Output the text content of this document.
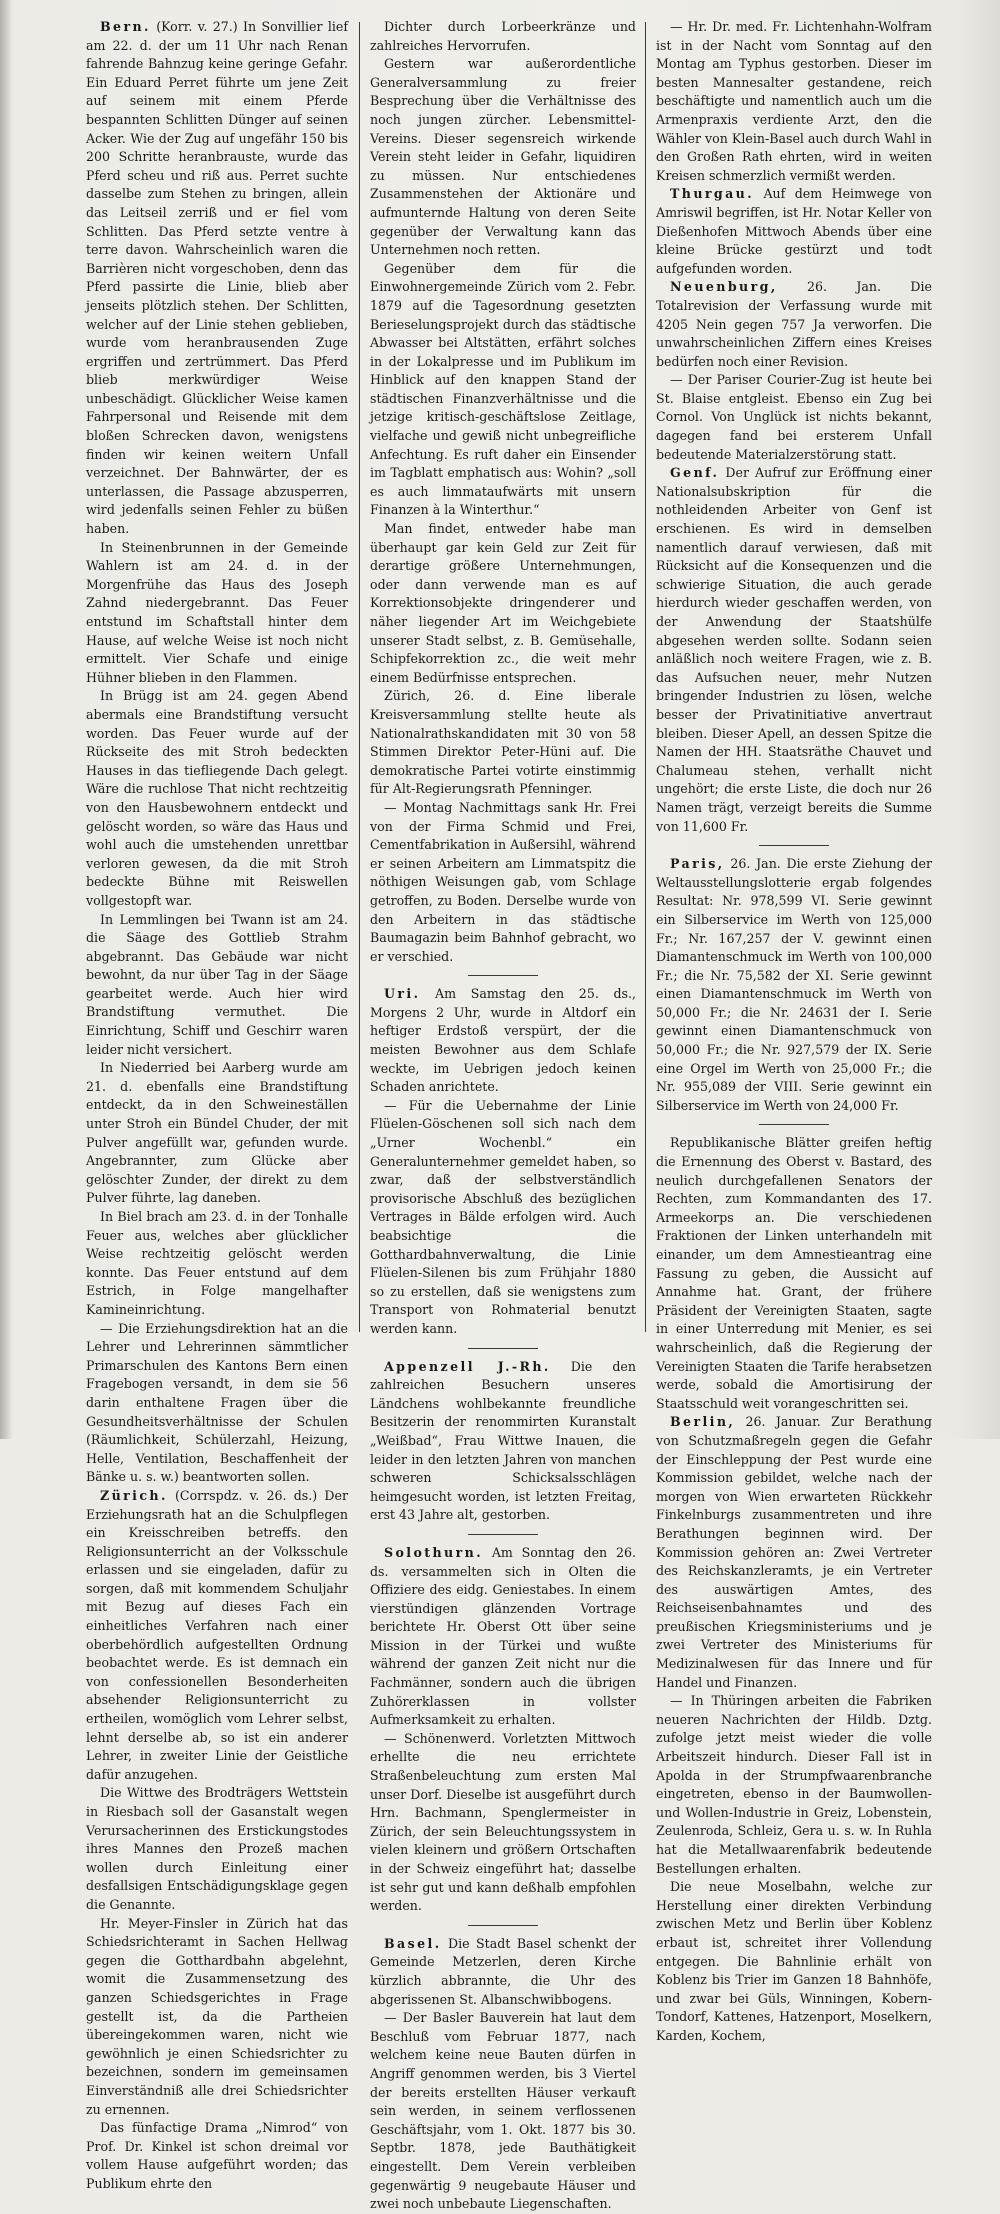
Bern. (Korr. v. 27.) In Sonvillier lief am 22. d. der um 11 Uhr nach Renan fahrende Bahnzug keine geringe Gefahr. Ein Eduard Perret führte um jene Zeit auf seinem mit einem Pferde bespannten Schlitten Dünger auf seinen Acker. Wie der Zug auf ungefähr 150 bis 200 Schritte heranbrauste, wurde das Pferd scheu und riß aus. Perret suchte dasselbe zum Stehen zu bringen, allein das Leitseil zerriß und er fiel vom Schlitten. Das Pferd setzte ventre à terre davon. Wahrscheinlich waren die Barrièren nicht vorgeschoben, denn das Pferd passirte die Linie, blieb aber jenseits plötzlich stehen. Der Schlitten, welcher auf der Linie stehen geblieben, wurde vom heranbrausenden Zuge ergriffen und zertrümmert. Das Pferd blieb merkwürdiger Weise unbeschädigt. Glücklicher Weise kamen Fahrpersonal und Reisende mit dem bloßen Schrecken davon, wenigstens finden wir keinen weitern Unfall verzeichnet. Der Bahnwärter, der es unterlassen, die Passage abzusperren, wird jedenfalls seinen Fehler zu büßen haben.

In Steinenbrunnen in der Gemeinde Wahlern ist am 24. d. in der Morgenfrühe das Haus des Joseph Zahnd niedergebrannt. Das Feuer entstund im Schaftstall hinter dem Hause, auf welche Weise ist noch nicht ermittelt. Vier Schafe und einige Hühner blieben in den Flammen.

In Brügg ist am 24. gegen Abend abermals eine Brandstiftung versucht worden. Das Feuer wurde auf der Rückseite des mit Stroh bedeckten Hauses in das tiefliegende Dach gelegt. Wäre die ruchlose That nicht rechtzeitig von den Hausbewohnern entdeckt und gelöscht worden, so wäre das Haus und wohl auch die umstehenden unrettbar verloren gewesen, da die mit Stroh bedeckte Bühne mit Reiswellen vollgestopft war.

In Lemmlingen bei Twann ist am 24. die Säage des Gottlieb Strahm abgebrannt. Das Gebäude war nicht bewohnt, da nur über Tag in der Säage gearbeitet werde. Auch hier wird Brandstiftung vermuthet. Die Einrichtung, Schiff und Geschirr waren leider nicht versichert.

In Niederried bei Aarberg wurde am 21. d. ebenfalls eine Brandstiftung entdeckt, da in den Schweineställen unter Stroh ein Bündel Chuder, der mit Pulver angefüllt war, gefunden wurde. Angebrannter, zum Glücke aber gelöschter Zunder, der direkt zu dem Pulver führte, lag daneben.

In Biel brach am 23. d. in der Tonhalle Feuer aus, welches aber glücklicher Weise rechtzeitig gelöscht werden konnte. Das Feuer entstund auf dem Estrich, in Folge mangelhafter Kamineinrichtung.

— Die Erziehungsdirektion hat an die Lehrer und Lehrerinnen sämmtlicher Primarschulen des Kantons Bern einen Fragebogen versandt, in dem sie 56 darin enthaltene Fragen über die Gesundheitsverhältnisse der Schulen (Räumlichkeit, Schülerzahl, Heizung, Helle, Ventilation, Beschaffenheit der Bänke u. s. w.) beantworten sollen.

Zürich. (Corrspdz. v. 26. ds.) Der Erziehungsrath hat an die Schulpflegen ein Kreisschreiben betreffs. den Religionsunterricht an der Volksschule erlassen und sie eingeladen, dafür zu sorgen, daß mit kommendem Schuljahr mit Bezug auf dieses Fach ein einheitliches Verfahren nach einer oberbehördlich aufgestellten Ordnung beobachtet werde. Es ist demnach ein von confessionellen Besonderheiten absehender Religionsunterricht zu ertheilen, womöglich vom Lehrer selbst, lehnt derselbe ab, so ist ein anderer Lehrer, in zweiter Linie der Geistliche dafür anzugehen.

Die Wittwe des Brodträgers Wettstein in Riesbach soll der Gasanstalt wegen Verursacherinnen des Erstickungstodes ihres Mannes den Prozeß machen wollen durch Einleitung einer desfallsigen Entschädigungsklage gegen die Genannte.

Hr. Meyer-Finsler in Zürich hat das Schiedsrichteramt in Sachen Hellwag gegen die Gotthardbahn abgelehnt, womit die Zusammensetzung des ganzen Schiedsgerichtes in Frage gestellt ist, da die Partheien übereingekommen waren, nicht wie gewöhnlich je einen Schiedsrichter zu bezeichnen, sondern im gemeinsamen Einverständniß alle drei Schiedsrichter zu ernennen.

Das fünfactige Drama „Nimrod“ von Prof. Dr. Kinkel ist schon dreimal vor vollem Hause aufgeführt worden; das Publikum ehrte den

Dichter durch Lorbeerkränze und zahlreiches Hervorrufen.

Gestern war außerordentliche Generalversammlung zu freier Besprechung über die Verhältnisse des noch jungen zürcher. Lebensmittel-Vereins. Dieser segensreich wirkende Verein steht leider in Gefahr, liquidiren zu müssen. Nur entschiedenes Zusammenstehen der Aktionäre und aufmunternde Haltung von deren Seite gegenüber der Verwaltung kann das Unternehmen noch retten.

Gegenüber dem für die Einwohnergemeinde Zürich vom 2. Febr. 1879 auf die Tagesordnung gesetzten Berieselungsprojekt durch das städtische Abwasser bei Altstätten, erfährt solches in der Lokalpresse und im Publikum im Hinblick auf den knappen Stand der städtischen Finanzverhältnisse und die jetzige kritisch-geschäftslose Zeitlage, vielfache und gewiß nicht unbegreifliche Anfechtung. Es ruft daher ein Einsender im Tagblatt emphatisch aus: Wohin? „soll es auch limmataufwärts mit unsern Finanzen à la Winterthur.“

Man findet, entweder habe man überhaupt gar kein Geld zur Zeit für derartige größere Unternehmungen, oder dann verwende man es auf Korrektionsobjekte dringenderer und näher liegender Art im Weichgebiete unserer Stadt selbst, z. B. Gemüsehalle, Schipfekorrektion zc., die weit mehr einem Bedürfnisse entsprechen.

Zürich, 26. d. Eine liberale Kreisversammlung stellte heute als Nationalrathskandidaten mit 30 von 58 Stimmen Direktor Peter-Hüni auf. Die demokratische Partei votirte einstimmig für Alt-Regierungsrath Pfenninger.

— Montag Nachmittags sank Hr. Frei von der Firma Schmid und Frei, Cementfabrikation in Außersihl, während er seinen Arbeitern am Limmatspitz die nöthigen Weisungen gab, vom Schlage getroffen, zu Boden. Derselbe wurde von den Arbeitern in das städtische Baumagazin beim Bahnhof gebracht, wo er verschied.

Uri. Am Samstag den 25. ds., Morgens 2 Uhr, wurde in Altdorf ein heftiger Erdstoß verspürt, der die meisten Bewohner aus dem Schlafe weckte, im Uebrigen jedoch keinen Schaden anrichtete.

— Für die Uebernahme der Linie Flüelen-Göschenen soll sich nach dem „Urner Wochenbl.“ ein Generalunternehmer gemeldet haben, so zwar, daß der selbstverständlich provisorische Abschluß des bezüglichen Vertrages in Bälde erfolgen wird. Auch beabsichtige die Gotthardbahnverwaltung, die Linie Flüelen-Silenen bis zum Frühjahr 1880 so zu erstellen, daß sie wenigstens zum Transport von Rohmaterial benutzt werden kann.

Appenzell J.-Rh. Die den zahlreichen Besuchern unseres Ländchens wohlbekannte freundliche Besitzerin der renommirten Kuranstalt „Weißbad“, Frau Wittwe Inauen, die leider in den letzten Jahren von manchen schweren Schicksalsschlägen heimgesucht worden, ist letzten Freitag, erst 43 Jahre alt, gestorben.

Solothurn. Am Sonntag den 26. ds. versammelten sich in Olten die Offiziere des eidg. Geniestabes. In einem vierstündigen glänzenden Vortrage berichtete Hr. Oberst Ott über seine Mission in der Türkei und wußte während der ganzen Zeit nicht nur die Fachmänner, sondern auch die übrigen Zuhörerklassen in vollster Aufmerksamkeit zu erhalten.

— Schönenwerd. Vorletzten Mittwoch erhellte die neu errichtete Straßenbeleuchtung zum ersten Mal unser Dorf. Dieselbe ist ausgeführt durch Hrn. Bachmann, Spenglermeister in Zürich, der sein Beleuchtungssystem in vielen kleinern und größern Ortschaften in der Schweiz eingeführt hat; dasselbe ist sehr gut und kann deßhalb empfohlen werden.

Basel. Die Stadt Basel schenkt der Gemeinde Metzerlen, deren Kirche kürzlich abbrannte, die Uhr des abgerissenen St. Albanschwibbogens.

— Der Basler Bauverein hat laut dem Beschluß vom Februar 1877, nach welchem keine neue Bauten dürfen in Angriff genommen werden, bis 3 Viertel der bereits erstellten Häuser verkauft sein werden, in seinem verflossenen Geschäftsjahr, vom 1. Okt. 1877 bis 30. Septbr. 1878, jede Bauthätigkeit eingestellt. Dem Verein verbleiben gegenwärtig 9 neugebaute Häuser und zwei noch unbebaute Liegenschaften.

— Hr. Dr. med. Fr. Lichtenhahn-Wolfram ist in der Nacht vom Sonntag auf den Montag am Typhus gestorben. Dieser im besten Mannesalter gestandene, reich beschäftigte und namentlich auch um die Armenpraxis verdiente Arzt, den die Wähler von Klein-Basel auch durch Wahl in den Großen Rath ehrten, wird in weiten Kreisen schmerzlich vermißt werden.

Thurgau. Auf dem Heimwege von Amriswil begriffen, ist Hr. Notar Keller von Dießenhofen Mittwoch Abends über eine kleine Brücke gestürzt und todt aufgefunden worden.

Neuenburg, 26. Jan. Die Totalrevision der Verfassung wurde mit 4205 Nein gegen 757 Ja verworfen. Die unwahrscheinlichen Ziffern eines Kreises bedürfen noch einer Revision.

— Der Pariser Courier-Zug ist heute bei St. Blaise entgleist. Ebenso ein Zug bei Cornol. Von Unglück ist nichts bekannt, dagegen fand bei ersterem Unfall bedeutende Materialzerstörung statt.

Genf. Der Aufruf zur Eröffnung einer Nationalsubskription für die nothleidenden Arbeiter von Genf ist erschienen. Es wird in demselben namentlich darauf verwiesen, daß mit Rücksicht auf die Konsequenzen und die schwierige Situation, die auch gerade hierdurch wieder geschaffen werden, von der Anwendung der Staatshülfe abgesehen werden sollte. Sodann seien anläßlich noch weitere Fragen, wie z. B. das Aufsuchen neuer, mehr Nutzen bringender Industrien zu lösen, welche besser der Privatinitiative anvertraut bleiben. Dieser Apell, an dessen Spitze die Namen der HH. Staatsräthe Chauvet und Chalumeau stehen, verhallt nicht ungehört; die erste Liste, die doch nur 26 Namen trägt, verzeigt bereits die Summe von 11,600 Fr.

Paris, 26. Jan. Die erste Ziehung der Weltausstellungslotterie ergab folgendes Resultat: Nr. 978,599 VI. Serie gewinnt ein Silberservice im Werth von 125,000 Fr.; Nr. 167,257 der V. gewinnt einen Diamantenschmuck im Werth von 100,000 Fr.; die Nr. 75,582 der XI. Serie gewinnt einen Diamantenschmuck im Werth von 50,000 Fr.; die Nr. 24631 der I. Serie gewinnt einen Diamantenschmuck von 50,000 Fr.; die Nr. 927,579 der IX. Serie eine Orgel im Werth von 25,000 Fr.; die Nr. 955,089 der VIII. Serie gewinnt ein Silberservice im Werth von 24,000 Fr.

Republikanische Blätter greifen heftig die Ernennung des Oberst v. Bastard, des neulich durchgefallenen Senators der Rechten, zum Kommandanten des 17. Armeekorps an. Die verschiedenen Fraktionen der Linken unterhandeln mit einander, um dem Amnestieantrag eine Fassung zu geben, die Aussicht auf Annahme hat. Grant, der frühere Präsident der Vereinigten Staaten, sagte in einer Unterredung mit Menier, es sei wahrscheinlich, daß die Regierung der Vereinigten Staaten die Tarife herabsetzen werde, sobald die Amortisirung der Staatsschuld weit vorangeschritten sei.

Berlin, 26. Januar. Zur Berathung von Schutzmaßregeln gegen die Gefahr der Einschleppung der Pest wurde eine Kommission gebildet, welche nach der morgen von Wien erwarteten Rückkehr Finkelnburgs zusammentreten und ihre Berathungen beginnen wird. Der Kommission gehören an: Zwei Vertreter des Reichskanzleramts, je ein Vertreter des auswärtigen Amtes, des Reichseisenbahnamtes und des preußischen Kriegsministeriums und je zwei Vertreter des Ministeriums für Medizinalwesen für das Innere und für Handel und Finanzen.

— In Thüringen arbeiten die Fabriken neueren Nachrichten der Hildb. Dztg. zufolge jetzt meist wieder die volle Arbeitszeit hindurch. Dieser Fall ist in Apolda in der Strumpfwaarenbranche eingetreten, ebenso in der Baumwollen- und Wollen-Industrie in Greiz, Lobenstein, Zeulenroda, Schleiz, Gera u. s. w. In Ruhla hat die Metallwaarenfabrik bedeutende Bestellungen erhalten.

Die neue Moselbahn, welche zur Herstellung einer direkten Verbindung zwischen Metz und Berlin über Koblenz erbaut ist, schreitet ihrer Vollendung entgegen. Die Bahnlinie erhält von Koblenz bis Trier im Ganzen 18 Bahnhöfe, und zwar bei Güls, Winningen, Kobern-Tondorf, Kattenes, Hatzenport, Moselkern, Karden, Kochem,
